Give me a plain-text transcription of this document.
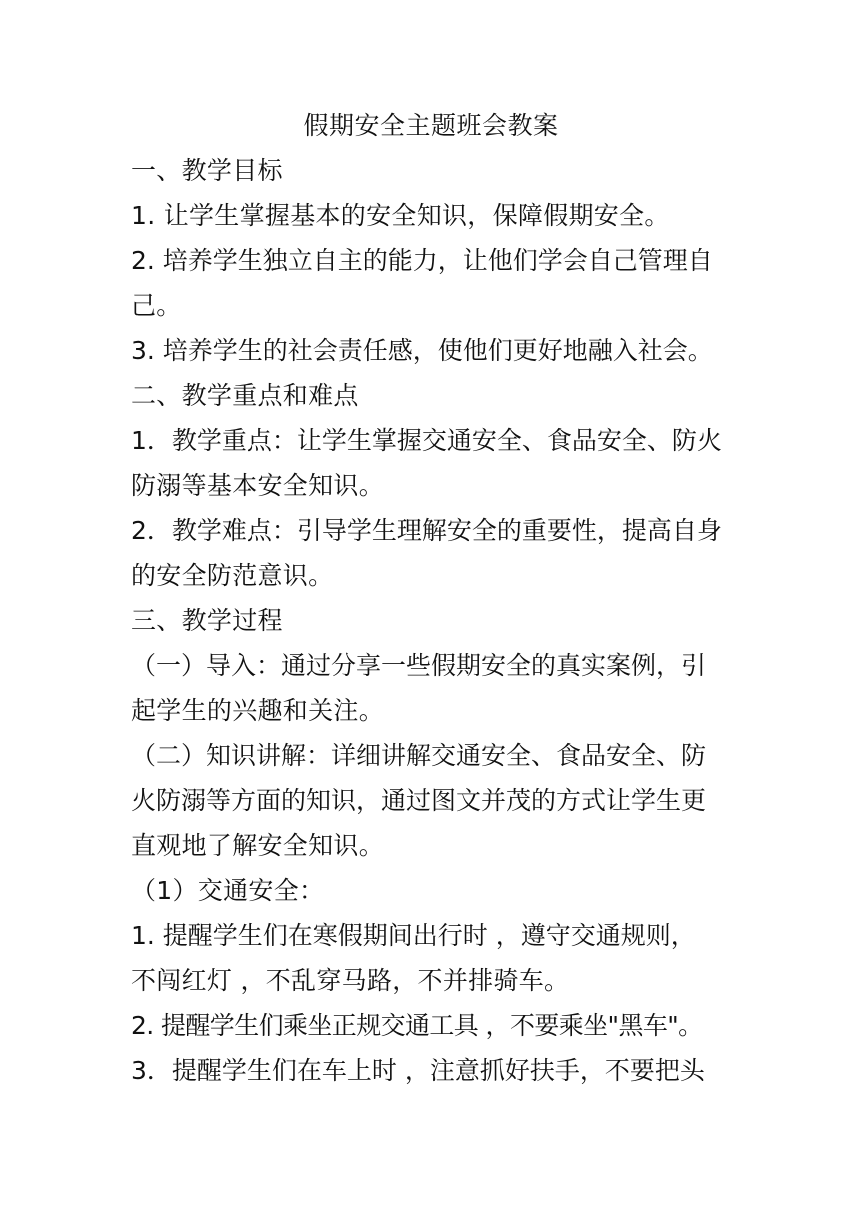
假期安全主题班会教案
一、教学目标
1. 让学生掌握基本的安全知识，保障假期安全。
2. 培养学生独立自主的能力，让他们学会自己管理自
己。
3. 培养学生的社会责任感，使他们更好地融入社会。
二、教学重点和难点
1．教学重点：让学生掌握交通安全、食品安全、防火
防溺等基本安全知识。
2．教学难点：引导学生理解安全的重要性，提高自身
的安全防范意识。
三、教学过程
（一）导入：通过分享一些假期安全的真实案例，引
起学生的兴趣和关注。
（二）知识讲解：详细讲解交通安全、食品安全、防
火防溺等方面的知识，通过图文并茂的方式让学生更
直观地了解安全知识。
（1）交通安全：
1. 提醒学生们在寒假期间出行时 ，遵守交通规则，
不闯红灯 ，不乱穿马路，不并排骑车。
2. 提醒学生们乘坐正规交通工具 ，不要乘坐"黑车"。
3．提醒学生们在车上时 ，注意抓好扶手，不要把头
